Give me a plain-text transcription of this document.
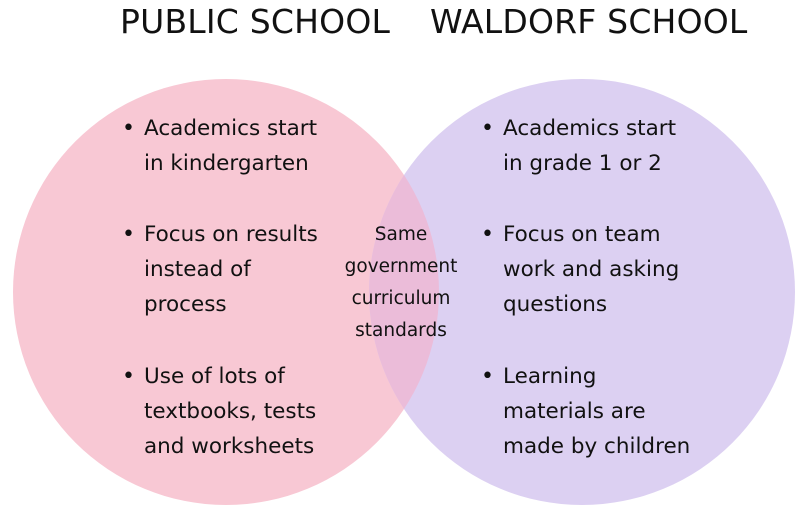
PUBLIC SCHOOL WALDORF SCHOOL
• Academics start in kindergarten
• Focus on results instead of process
• Use of lots of textbooks, tests and worksheets
• Academics start in grade 1 or 2
• Focus on team work and asking questions
• Learning materials are made by children
Same government curriculum standards
